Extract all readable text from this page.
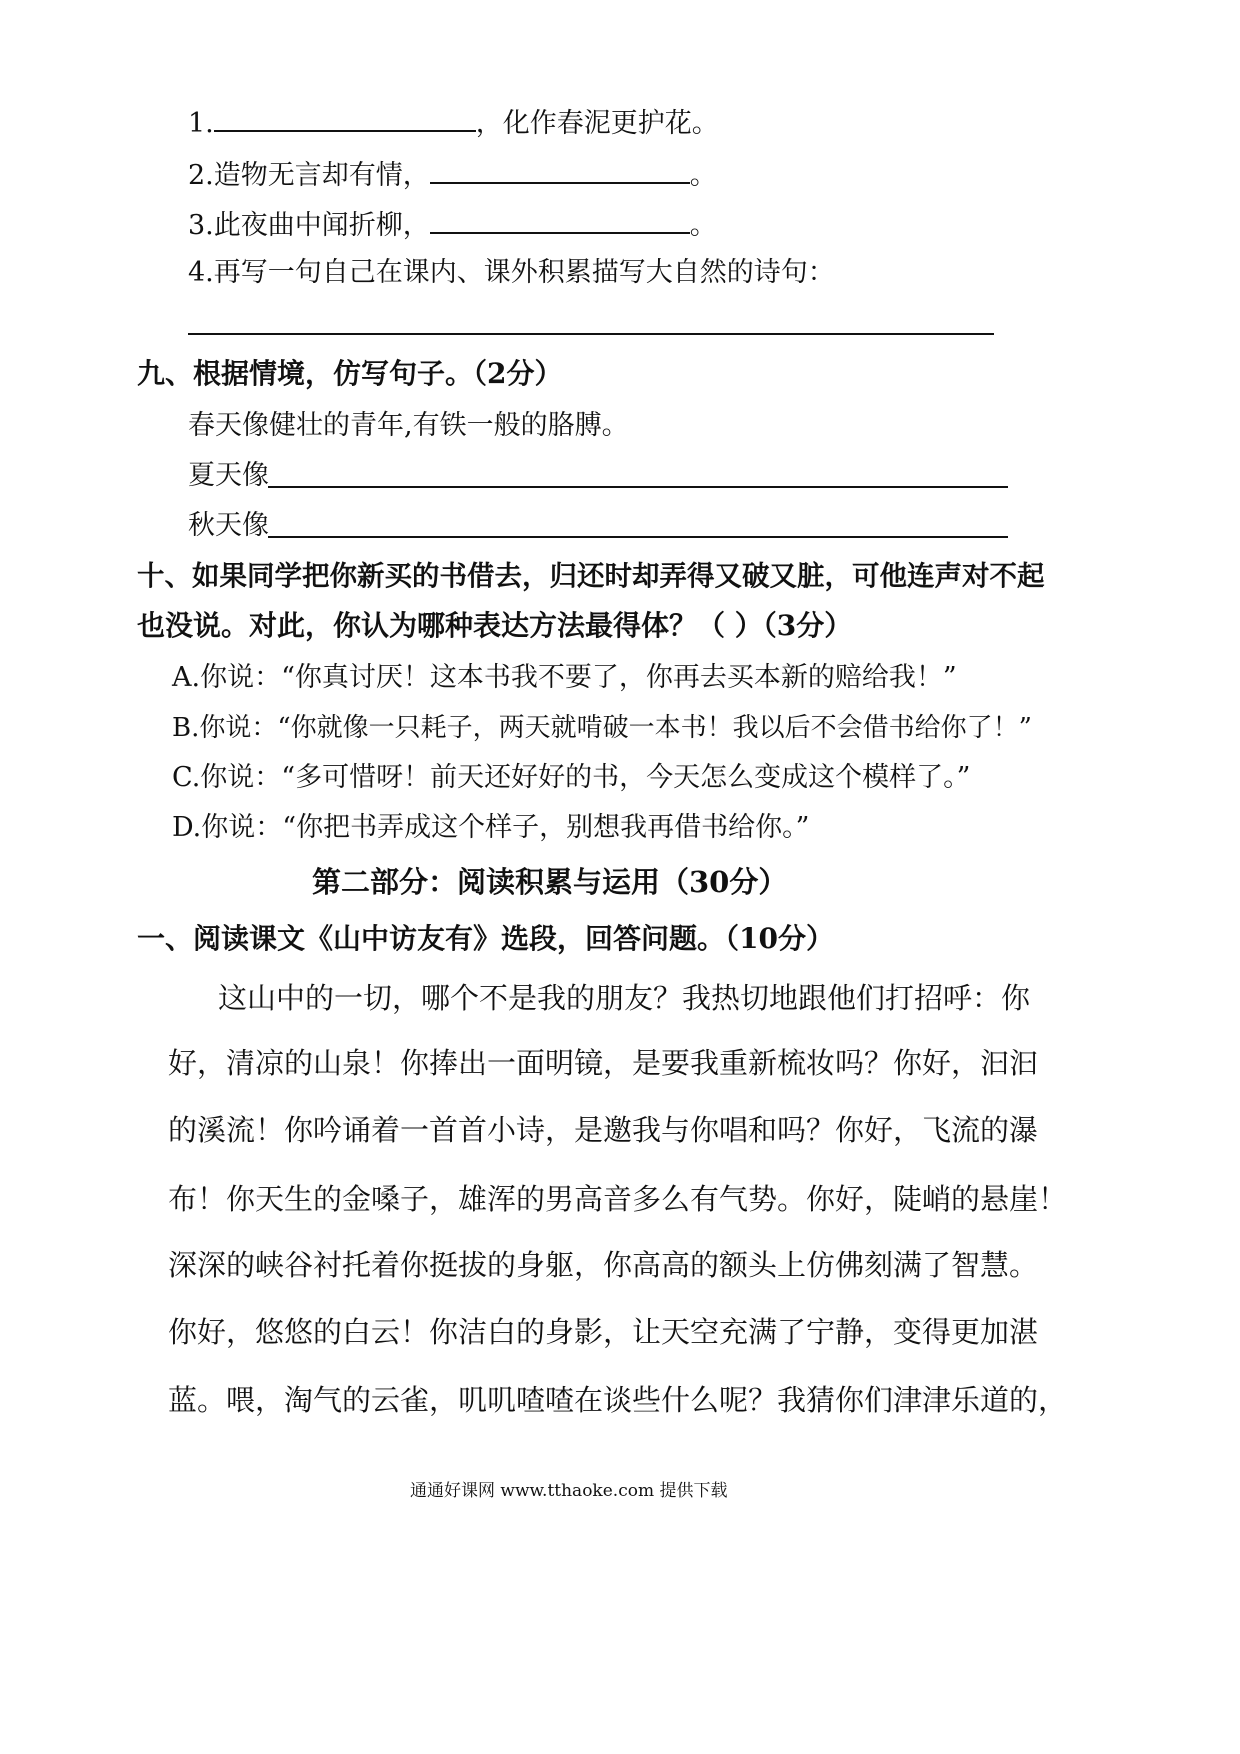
1.	，化作春泥更护花。
2.造物无言却有情，	。
3.此夜曲中闻折柳，	。
4.再写一句自己在课内、课外积累描写大自然的诗句：
九、根据情境，仿写句子。（2分）
春天像健壮的青年,有铁一般的胳膊。
夏天像
秋天像
十、如果同学把你新买的书借去，归还时却弄得又破又脏，可他连声对不起
也没说。对此，你认为哪种表达方法最得体？（ ）（3分）
A.你说：“你真讨厌！这本书我不要了，你再去买本新的赔给我！”
B.你说：“你就像一只耗子，两天就啃破一本书！我以后不会借书给你了！”
C.你说：“多可惜呀！前天还好好的书，今天怎么变成这个模样了。”
D.你说：“你把书弄成这个样子，别想我再借书给你。”
第二部分：阅读积累与运用（30分）
一、阅读课文《山中访友有》选段，回答问题。（10分）
这山中的一切，哪个不是我的朋友？我热切地跟他们打招呼：你
好，清凉的山泉！你捧出一面明镜，是要我重新梳妆吗？你好，汩汩
的溪流！你吟诵着一首首小诗，是邀我与你唱和吗？你好，飞流的瀑
布！你天生的金嗓子，雄浑的男高音多么有气势。你好，陡峭的悬崖！
深深的峡谷衬托着你挺拔的身躯，你高高的额头上仿佛刻满了智慧。
你好，悠悠的白云！你洁白的身影，让天空充满了宁静，变得更加湛
蓝。喂，淘气的云雀，叽叽喳喳在谈些什么呢？我猜你们津津乐道的，
通通好课网 www.tthaoke.com 提供下载
